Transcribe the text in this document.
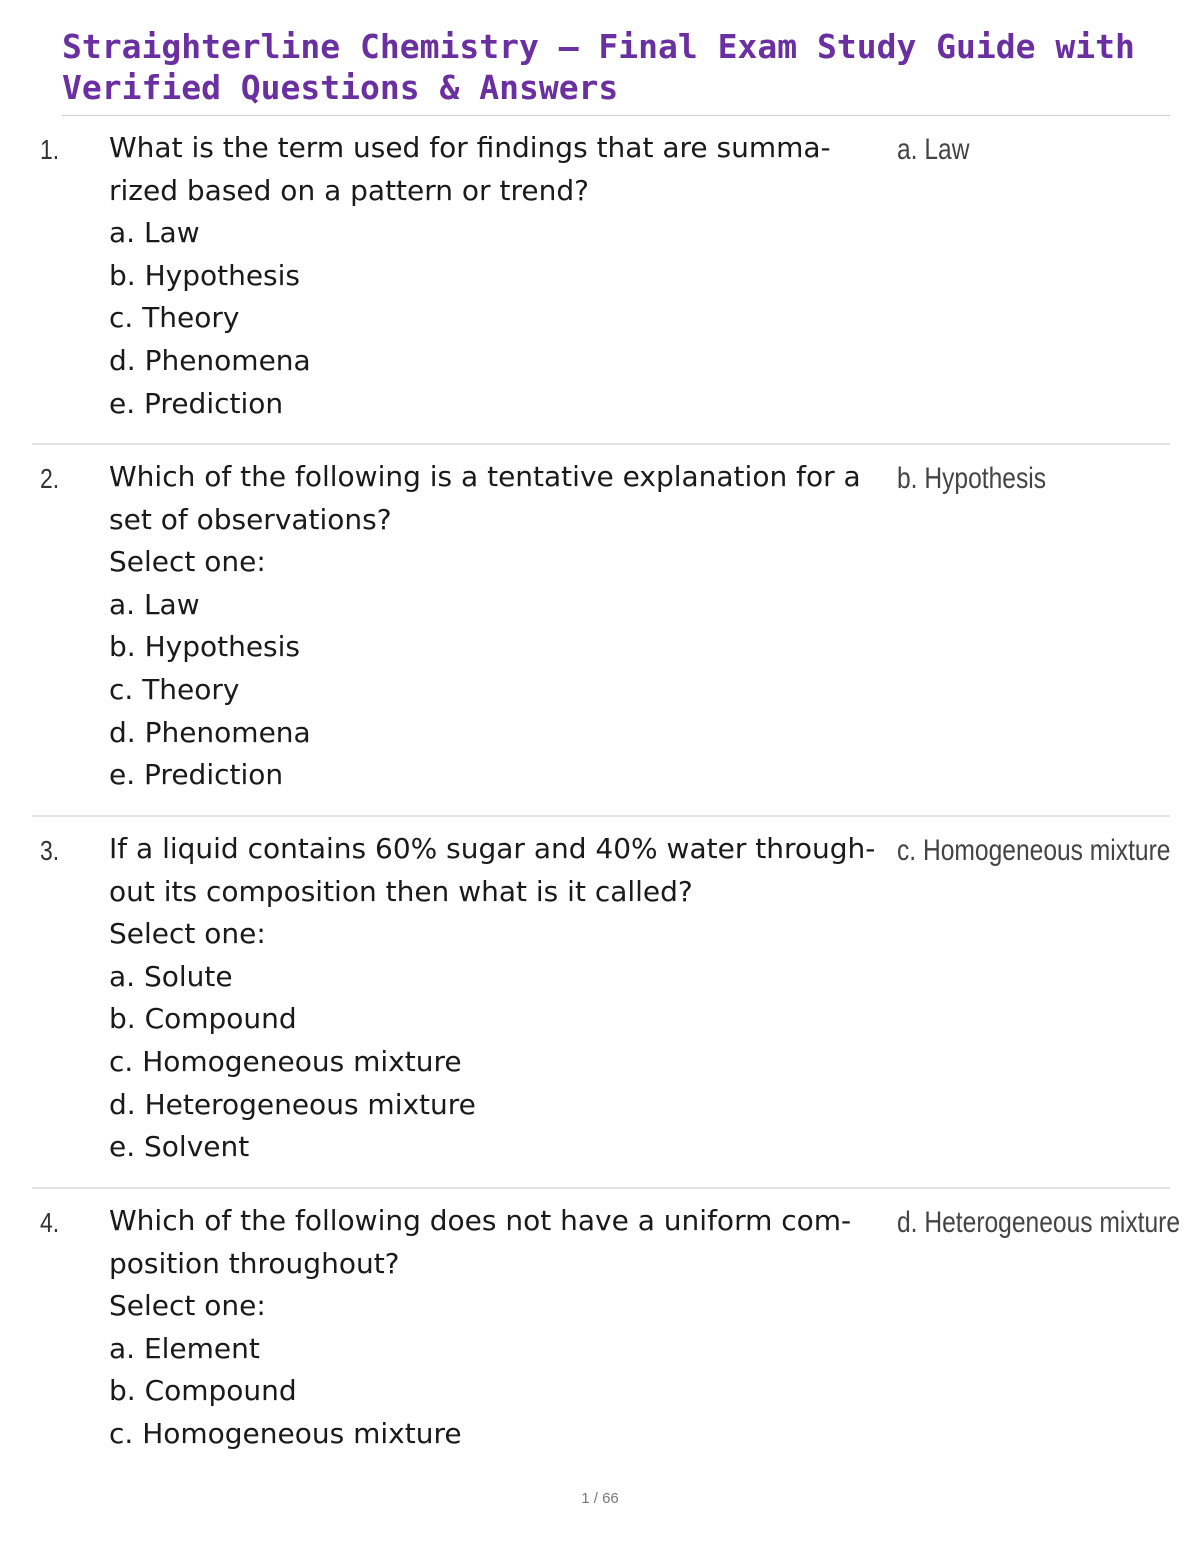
Straighterline Chemistry – Final Exam Study Guide with
Verified Questions & Answers
1. What is the term used for findings that are summa-
rized based on a pattern or trend?
a. Law
b. Hypothesis
c. Theory
d. Phenomena
e. Prediction
a. Law
2. Which of the following is a tentative explanation for a
set of observations?
Select one:
a. Law
b. Hypothesis
c. Theory
d. Phenomena
e. Prediction
b. Hypothesis
3. If a liquid contains 60% sugar and 40% water through-
out its composition then what is it called?
Select one:
a. Solute
b. Compound
c. Homogeneous mixture
d. Heterogeneous mixture
e. Solvent
c. Homogeneous mixture
4. Which of the following does not have a uniform com-
position throughout?
Select one:
a. Element
b. Compound
c. Homogeneous mixture
d. Heterogeneous mixture
1 / 66
